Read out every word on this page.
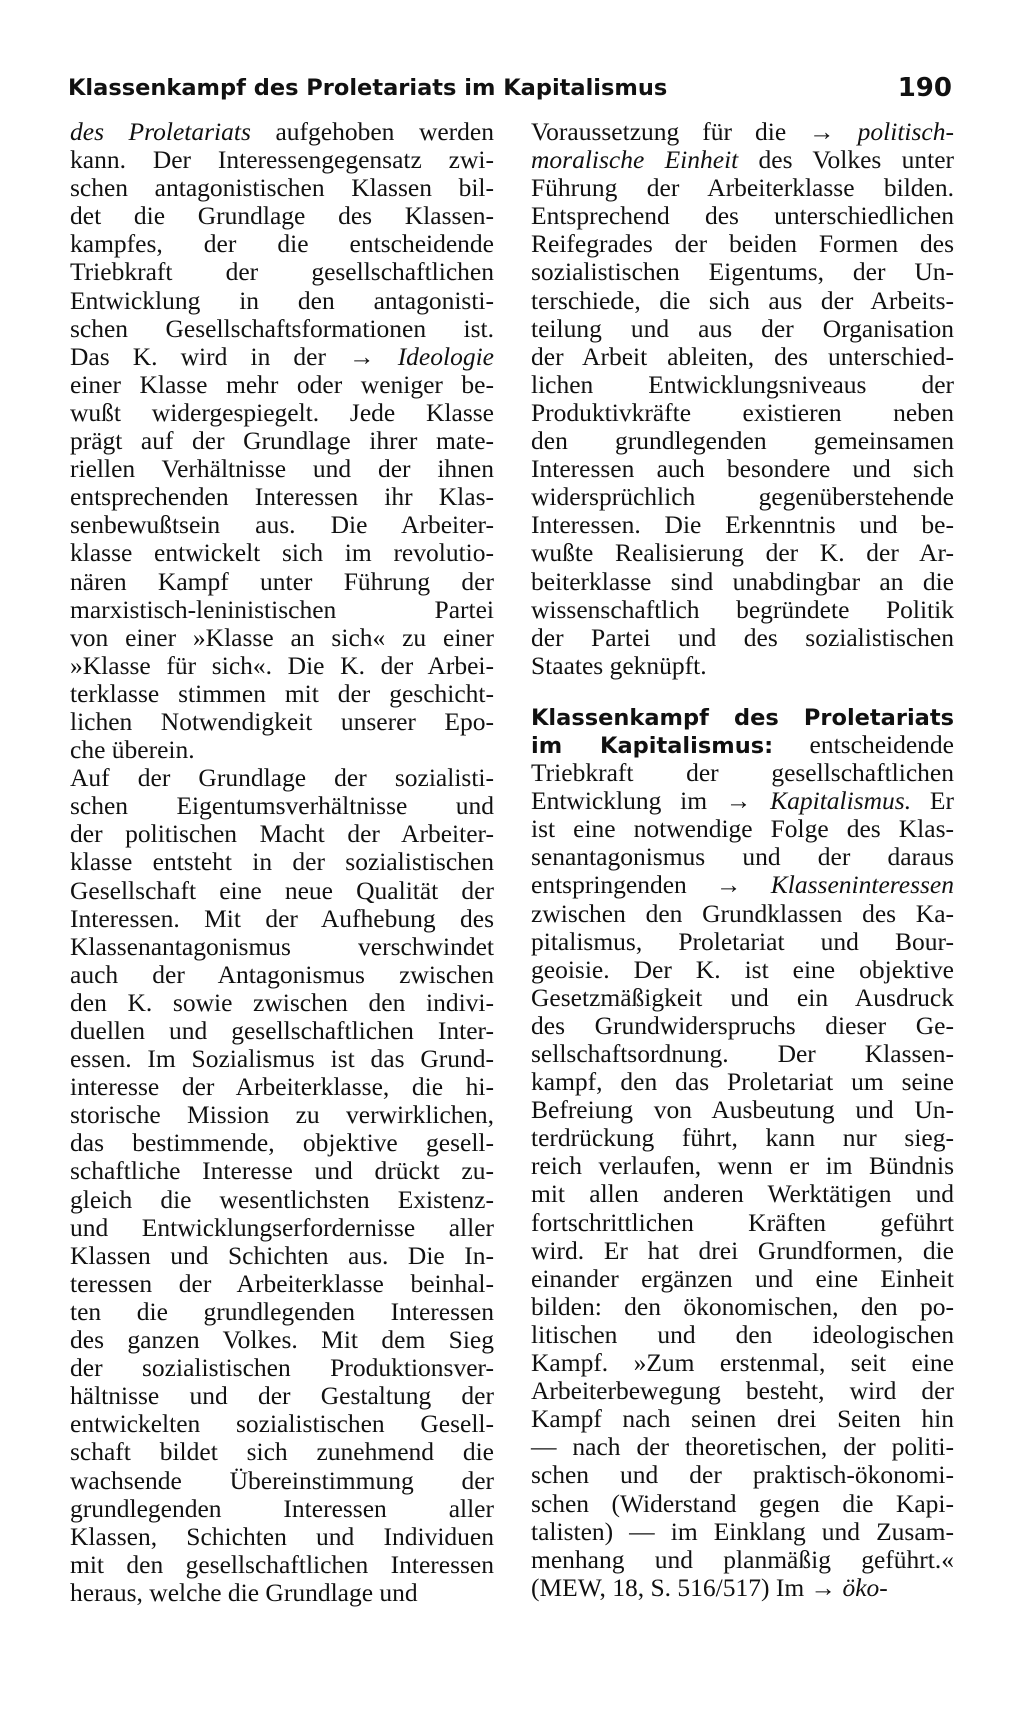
Klassenkampf des Proletariats im Kapitalismus	190
des Proletariats aufgehoben werden
kann. Der Interessengegensatz zwi-
schen antagonistischen Klassen bil-
det die Grundlage des Klassen-
kampfes, der die entscheidende
Triebkraft der gesellschaftlichen
Entwicklung in den antagonisti-
schen Gesellschaftsformationen ist.
Das K. wird in der → Ideologie
einer Klasse mehr oder weniger be-
wußt widergespiegelt. Jede Klasse
prägt auf der Grundlage ihrer mate-
riellen Verhältnisse und der ihnen
entsprechenden Interessen ihr Klas-
senbewußtsein aus. Die Arbeiter-
klasse entwickelt sich im revolutio-
nären Kampf unter Führung der
marxistisch-leninistischen Partei
von einer »Klasse an sich« zu einer
»Klasse für sich«. Die K. der Arbei-
terklasse stimmen mit der geschicht-
lichen Notwendigkeit unserer Epo-
che überein.
Auf der Grundlage der sozialisti-
schen Eigentumsverhältnisse und
der politischen Macht der Arbeiter-
klasse entsteht in der sozialistischen
Gesellschaft eine neue Qualität der
Interessen. Mit der Aufhebung des
Klassenantagonismus verschwindet
auch der Antagonismus zwischen
den K. sowie zwischen den indivi-
duellen und gesellschaftlichen Inter-
essen. Im Sozialismus ist das Grund-
interesse der Arbeiterklasse, die hi-
storische Mission zu verwirklichen,
das bestimmende, objektive gesell-
schaftliche Interesse und drückt zu-
gleich die wesentlichsten Existenz-
und Entwicklungserfordernisse aller
Klassen und Schichten aus. Die In-
teressen der Arbeiterklasse beinhal-
ten die grundlegenden Interessen
des ganzen Volkes. Mit dem Sieg
der sozialistischen Produktionsver-
hältnisse und der Gestaltung der
entwickelten sozialistischen Gesell-
schaft bildet sich zunehmend die
wachsende Übereinstimmung der
grundlegenden Interessen aller
Klassen, Schichten und Individuen
mit den gesellschaftlichen Interessen
heraus, welche die Grundlage und
Voraussetzung für die → politisch-
moralische Einheit des Volkes unter
Führung der Arbeiterklasse bilden.
Entsprechend des unterschiedlichen
Reifegrades der beiden Formen des
sozialistischen Eigentums, der Un-
terschiede, die sich aus der Arbeits-
teilung und aus der Organisation
der Arbeit ableiten, des unterschied-
lichen Entwicklungsniveaus der
Produktivkräfte existieren neben
den grundlegenden gemeinsamen
Interessen auch besondere und sich
widersprüchlich gegenüberstehende
Interessen. Die Erkenntnis und be-
wußte Realisierung der K. der Ar-
beiterklasse sind unabdingbar an die
wissenschaftlich begründete Politik
der Partei und des sozialistischen
Staates geknüpft.
Klassenkampf des Proletariats
im Kapitalismus: entscheidende
Triebkraft der gesellschaftlichen
Entwicklung im → Kapitalismus. Er
ist eine notwendige Folge des Klas-
senantagonismus und der daraus
entspringenden → Klasseninteressen
zwischen den Grundklassen des Ka-
pitalismus, Proletariat und Bour-
geoisie. Der K. ist eine objektive
Gesetzmäßigkeit und ein Ausdruck
des Grundwiderspruchs dieser Ge-
sellschaftsordnung. Der Klassen-
kampf, den das Proletariat um seine
Befreiung von Ausbeutung und Un-
terdrückung führt, kann nur sieg-
reich verlaufen, wenn er im Bündnis
mit allen anderen Werktätigen und
fortschrittlichen Kräften geführt
wird. Er hat drei Grundformen, die
einander ergänzen und eine Einheit
bilden: den ökonomischen, den po-
litischen und den ideologischen
Kampf. »Zum erstenmal, seit eine
Arbeiterbewegung besteht, wird der
Kampf nach seinen drei Seiten hin
— nach der theoretischen, der politi-
schen und der praktisch-ökonomi-
schen (Widerstand gegen die Kapi-
talisten) — im Einklang und Zusam-
menhang und planmäßig geführt.«
(MEW, 18, S. 516/517) Im → öko-
